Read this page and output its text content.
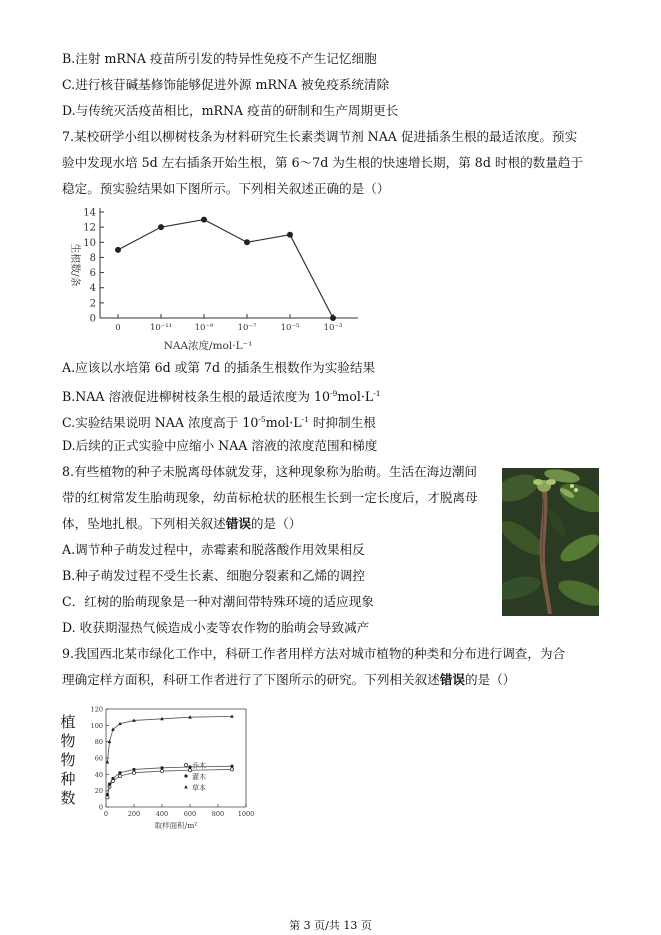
B.注射 mRNA 疫苗所引发的特异性免疫不产生记忆细胞
C.进行核苷碱基修饰能够促进外源 mRNA 被免疫系统清除
D.与传统灭活疫苗相比，mRNA 疫苗的研制和生产周期更长
7.某校研学小组以柳树枝条为材料研究生长素类调节剂 NAA 促进插条生根的最适浓度。预实
验中发现水培 5d 左右插条开始生根，第 6～7d 为生根的快速增长期，第 8d 时根的数量趋于
稳定。预实验结果如下图所示。下列相关叙述正确的是（）
0
2
4
6
8
10
12
14
0	10⁻¹¹	10⁻⁹	10⁻⁷	10⁻⁵	10⁻³
NAA浓度/mol·L⁻¹
生根数/条
A.应该以水培第 6d 或第 7d 的插条生根数作为实验结果
B.NAA 溶液促进柳树枝条生根的最适浓度为 $10^{-9}mol\cdot L^{-1}$
C.实验结果说明 NAA 浓度高于 $10^{-5}mol\cdot L^{-1}$ 时抑制生根
D.后续的正式实验中应缩小 NAA 溶液的浓度范围和梯度
8.有些植物的种子未脱离母体就发芽，这种现象称为胎萌。生活在海边潮间
带的红树常发生胎萌现象，幼苗标枪状的胚根生长到一定长度后，才脱离母
体，坠地扎根。下列相关叙述错误的是（）
A.调节种子萌发过程中，赤霉素和脱落酸作用效果相反
B.种子萌发过程不受生长素、细胞分裂素和乙烯的调控
C．红树的胎萌现象是一种对潮间带特殊环境的适应现象
D. 收获期湿热气候造成小麦等农作物的胎萌会导致减产
9.我国西北某市绿化工作中，科研工作者用样方法对城市植物的种类和分布进行调查，为合
理确定样方面积，科研工作者进行了下图所示的研究。下列相关叙述错误的是（）
0
20
40
60
80
100
120
0	200 400 600 800 1000
乔木
灌木
草本
取样面积/m²
植
物
物
种
数
第 3 页/共 13 页
